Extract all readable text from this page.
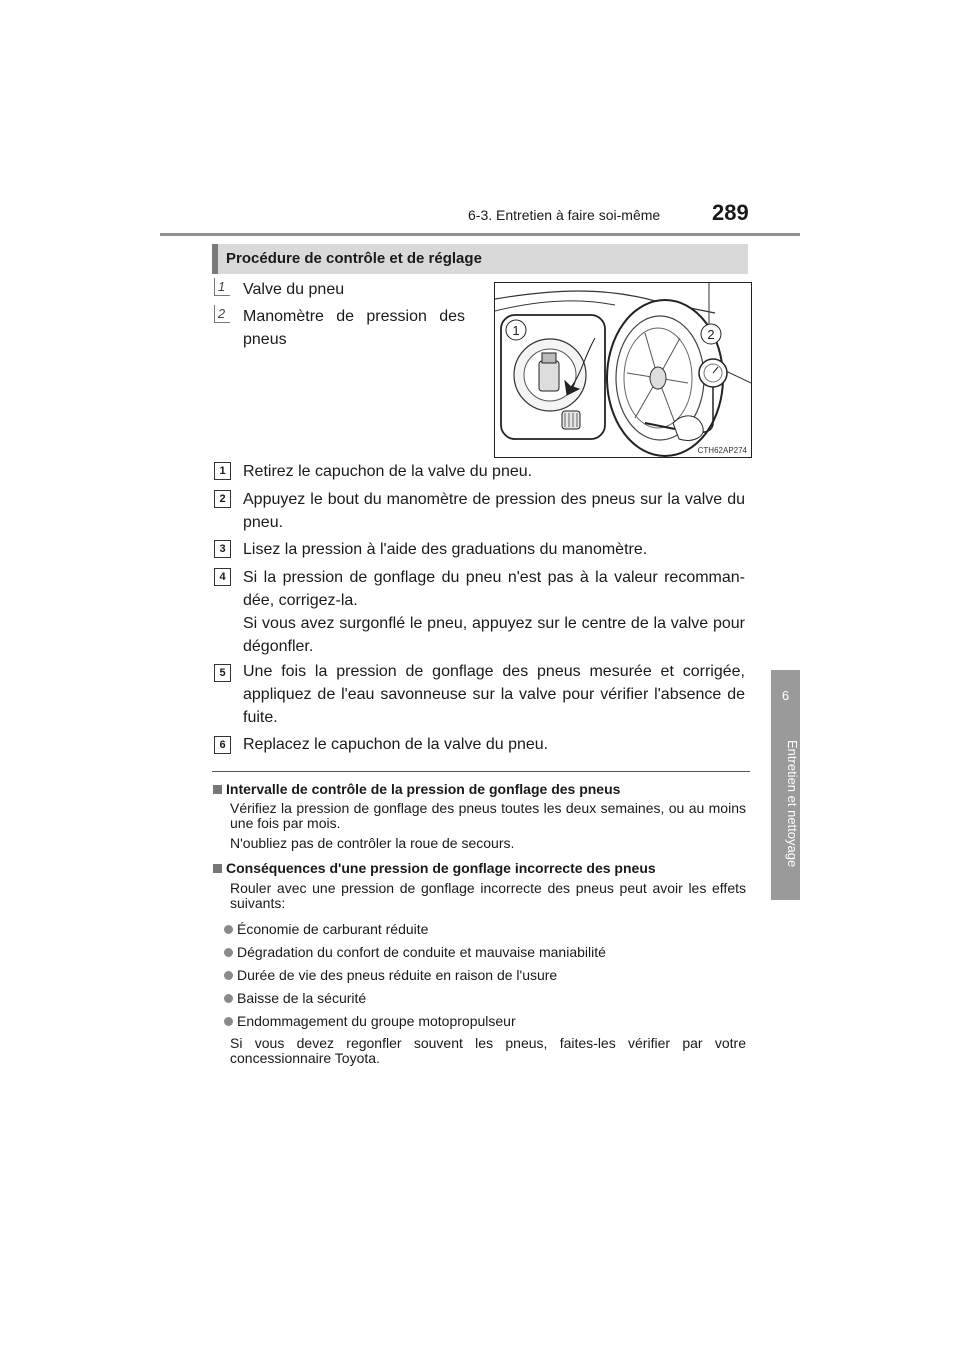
6-3. Entretien à faire soi-même 289
6
Entretien et nettoyage
Procédure de contrôle et de réglage
1 Valve du pneu
2 Manomètre de pression des pneus
1	2
CTH62AP274
1	Retirez le capuchon de la valve du pneu.
2	Appuyez le bout du manomètre de pression des pneus sur la valve du pneu.
3	Lisez la pression à l'aide des graduations du manomètre.
4	Si la pression de gonflage du pneu n'est pas à la valeur recomman-dée, corrigez-la.
Si vous avez surgonflé le pneu, appuyez sur le centre de la valve pour dégonfler.
5	Une fois la pression de gonflage des pneus mesurée et corrigée, appliquez de l'eau savonneuse sur la valve pour vérifier l'absence de fuite.
6	Replacez le capuchon de la valve du pneu.
Intervalle de contrôle de la pression de gonflage des pneus
Vérifiez la pression de gonflage des pneus toutes les deux semaines, ou au moins une fois par mois.
N'oubliez pas de contrôler la roue de secours.
Conséquences d'une pression de gonflage incorrecte des pneus
Rouler avec une pression de gonflage incorrecte des pneus peut avoir les effets suivants:
Économie de carburant réduite
Dégradation du confort de conduite et mauvaise maniabilité
Durée de vie des pneus réduite en raison de l'usure
Baisse de la sécurité
Endommagement du groupe motopropulseur
Si vous devez regonfler souvent les pneus, faites-les vérifier par votre concessionnaire Toyota.
